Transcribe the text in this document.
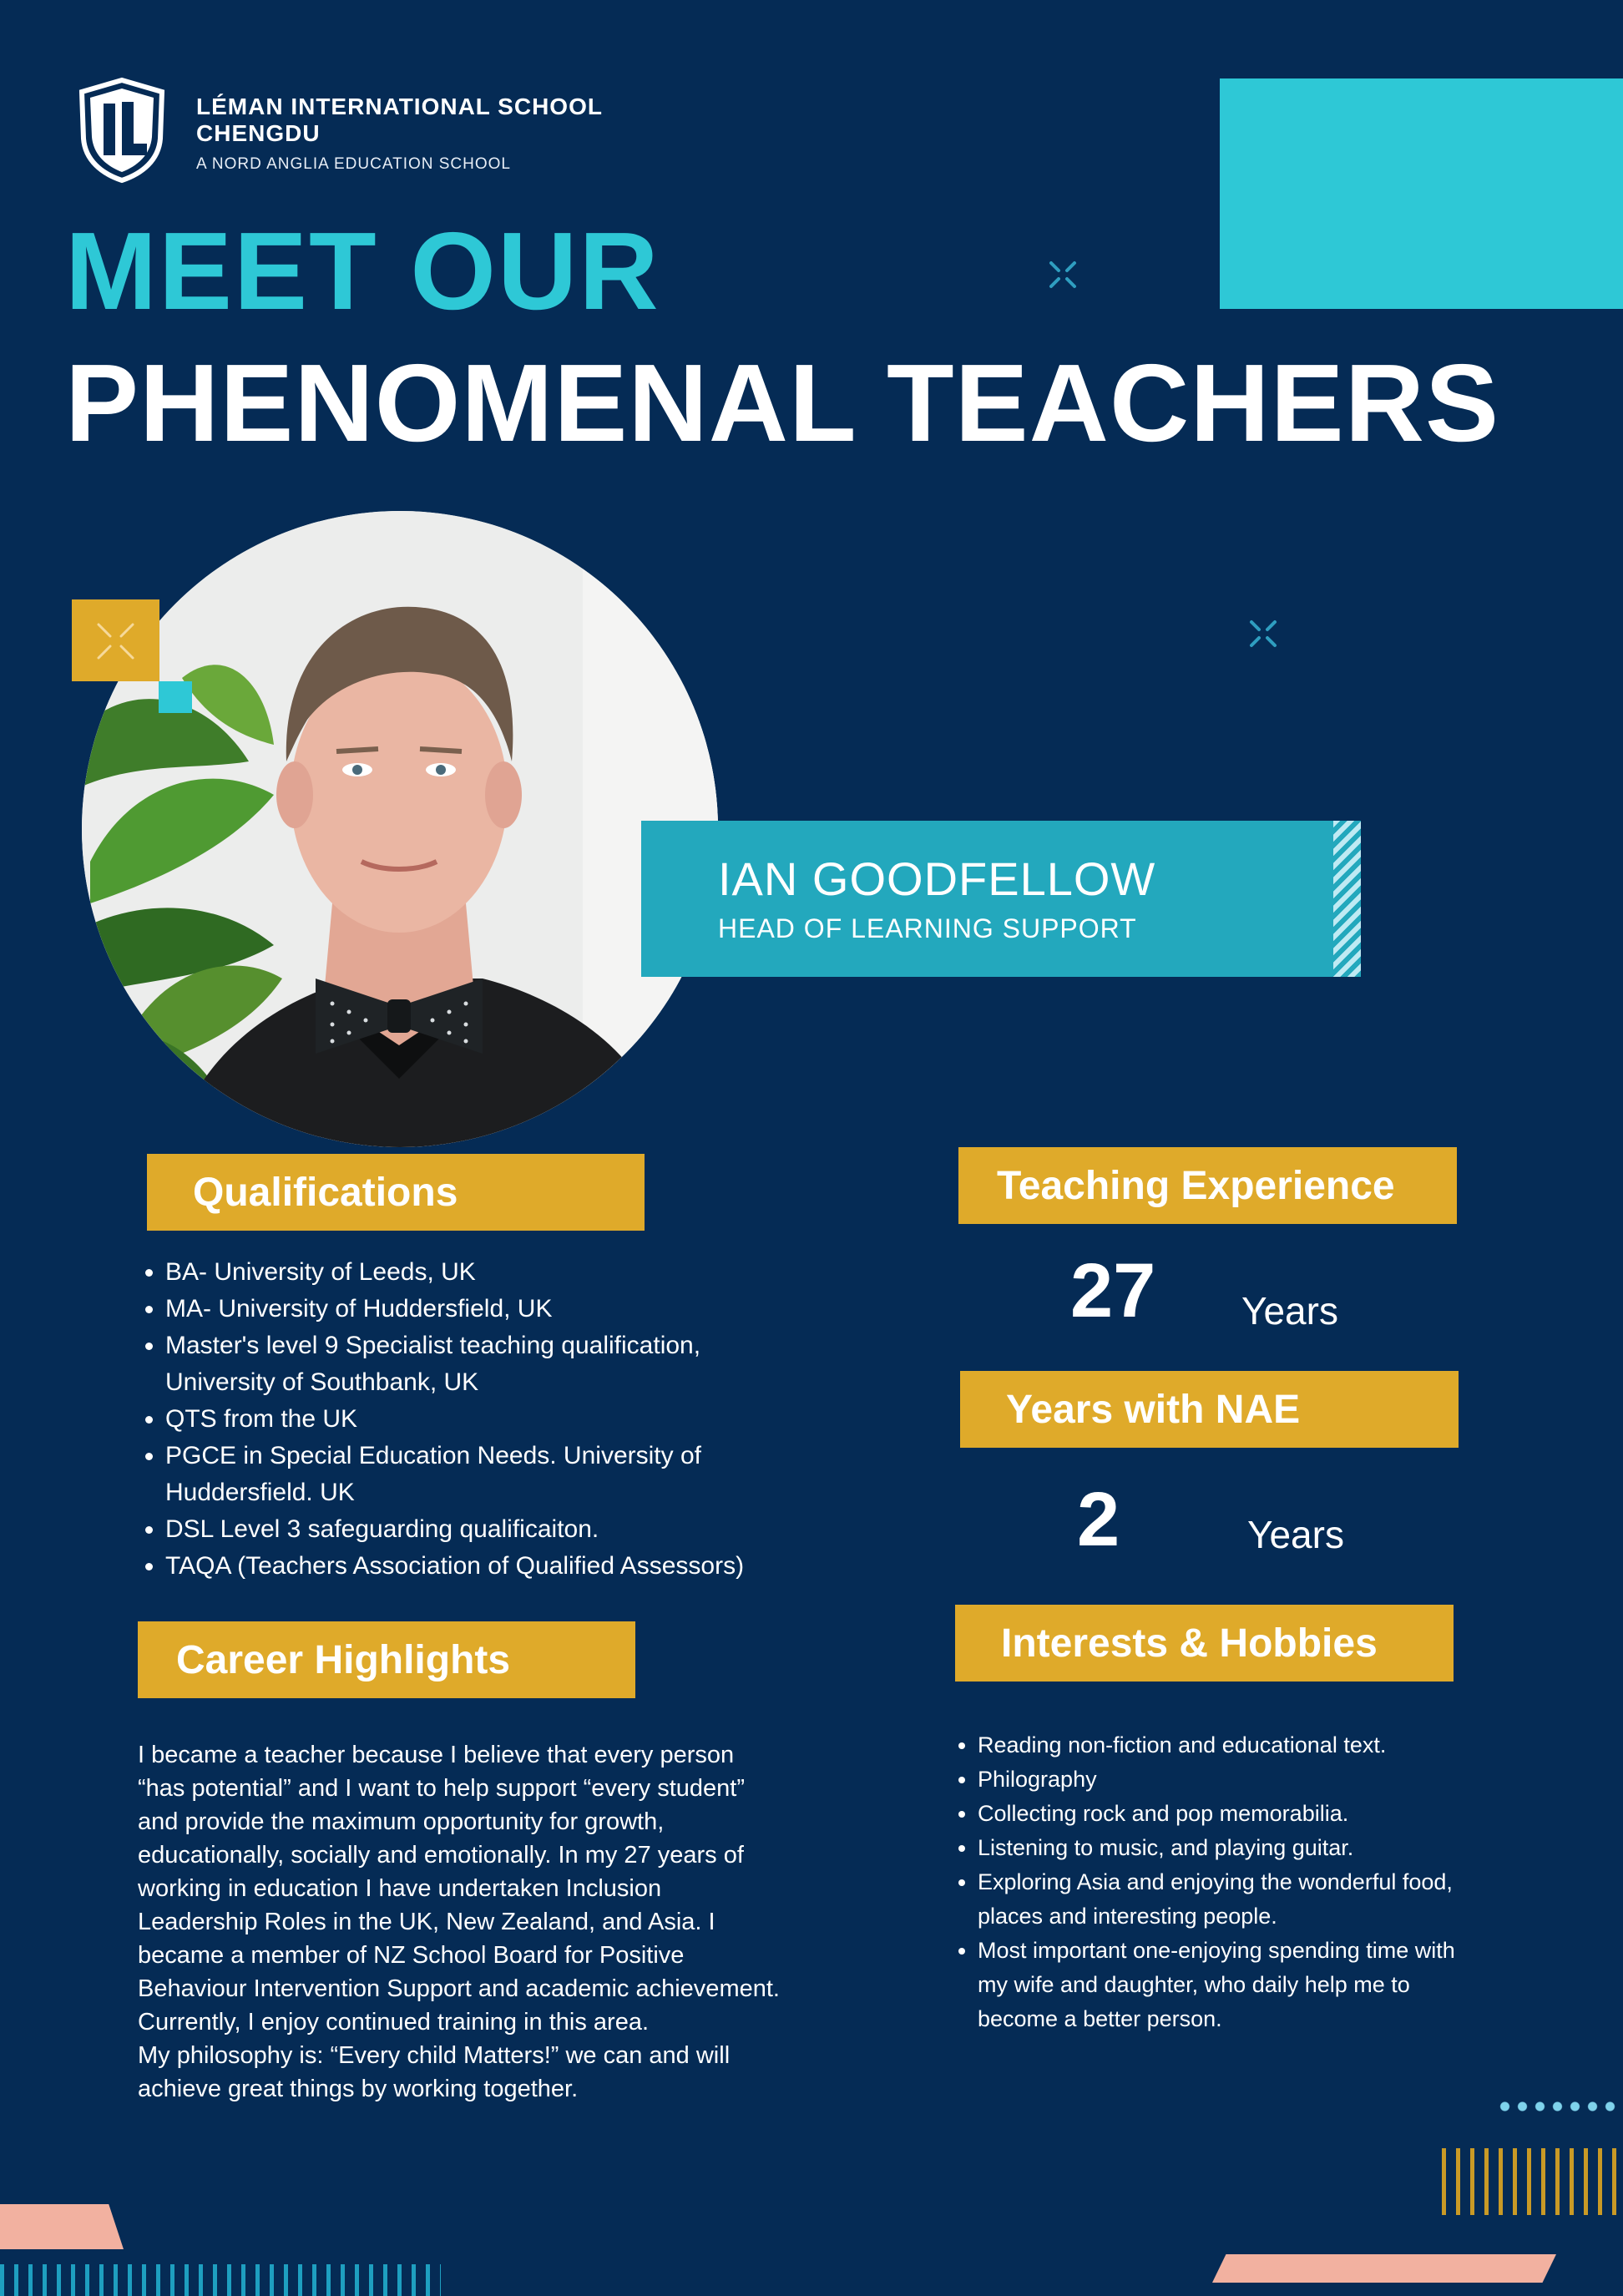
LÉMAN INTERNATIONAL SCHOOL CHENGDU
A NORD ANGLIA EDUCATION SCHOOL
MEET OUR
PHENOMENAL TEACHERS
IAN GOODFELLOW
HEAD OF LEARNING SUPPORT
Qualifications
• BA- University of Leeds, UK
• MA- University of Huddersfield, UK
• Master's level 9 Specialist teaching qualification, University of Southbank, UK
• QTS from the UK
• PGCE in Special Education Needs. University of Huddersfield. UK
• DSL Level 3 safeguarding qualificaiton.
• TAQA (Teachers Association of Qualified Assessors)
Career Highlights
I became a teacher because I believe that every person “has potential” and I want to help support “every student” and provide the maximum opportunity for growth, educationally, socially and emotionally. In my 27 years of working in education I have undertaken Inclusion Leadership Roles in the UK, New Zealand, and Asia. I became a member of NZ School Board for Positive Behaviour Intervention Support and academic achievement. Currently, I enjoy continued training in this area.
My philosophy is: “Every child Matters!” we can and will achieve great things by working together.
Teaching Experience
27 Years
Years with NAE
2	Years
Interests & Hobbies
• Reading non-fiction and educational text.
• Philography
• Collecting rock and pop memorabilia.
• Listening to music, and playing guitar.
• Exploring Asia and enjoying the wonderful food, places and interesting people.
• Most important one-enjoying spending time with my wife and daughter, who daily help me to become a better person.
